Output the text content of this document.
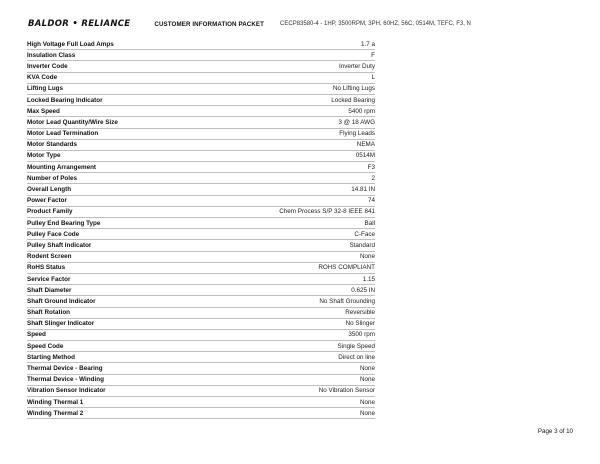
BALDOR • RELIANCE	CUSTOMER INFORMATION PACKET	CECP83580-4 - 1HP, 3500RPM, 3PH, 60HZ, 56C, 0514M, TEFC, F3, N
High Voltage Full Load Amps	1.7 a
Insulation Class	F
Inverter Code	Inverter Duty
KVA Code	L
Lifting Lugs	No Lifting Lugs
Locked Bearing Indicator	Locked Bearing
Max Speed	5400 rpm
Motor Lead Quantity/Wire Size	3 @ 18 AWG
Motor Lead Termination	Flying Leads
Motor Standards	NEMA
Motor Type	0514M
Mounting Arrangement	F3
Number of Poles	2
Overall Length	14.81 IN
Power Factor	74
Product Family	Chem Process S/P 32-8 IEEE 841
Pulley End Bearing Type	Ball
Pulley Face Code	C-Face
Pulley Shaft Indicator	Standard
Rodent Screen	None
RoHS Status	ROHS COMPLIANT
Service Factor	1.15
Shaft Diameter	0.625 IN
Shaft Ground Indicator	No Shaft Grounding
Shaft Rotation	Reversible
Shaft Slinger Indicator	No Slinger
Speed	3500 rpm
Speed Code	Single Speed
Starting Method	Direct on line
Thermal Device - Bearing	None
Thermal Device - Winding	None
Vibration Sensor Indicator	No Vibration Sensor
Winding Thermal 1	None
Winding Thermal 2	None
Page 3 of 10
